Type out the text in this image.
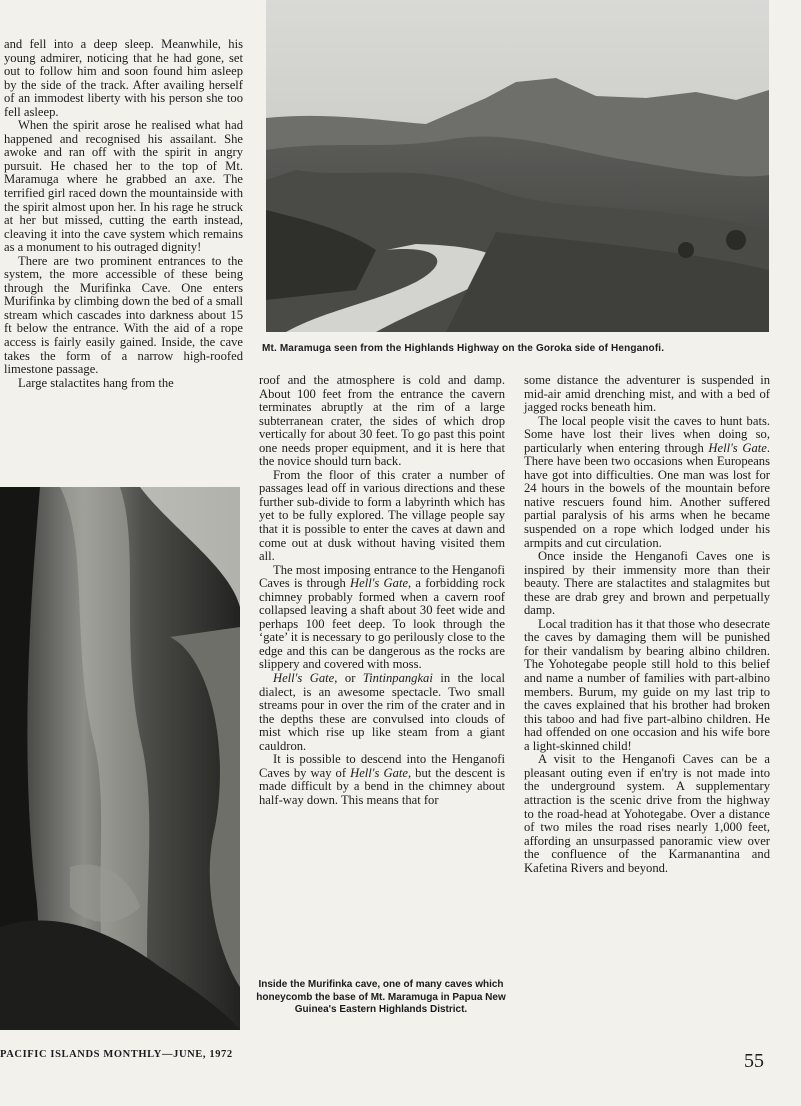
and fell into a deep sleep. Meanwhile, his young admirer, noticing that he had gone, set out to follow him and soon found him asleep by the side of the track. After availing herself of an immodest liberty with his person she too fell asleep.

When the spirit arose he realised what had happened and recognised his assailant. She awoke and ran off with the spirit in angry pursuit. He chased her to the top of Mt. Maramuga where he grabbed an axe. The terrified girl raced down the mountainside with the spirit almost upon her. In his rage he struck at her but missed, cutting the earth instead, cleaving it into the cave system which remains as a monument to his outraged dignity!

There are two prominent entrances to the system, the more accessible of these being through the Murifinka Cave. One enters Murifinka by climbing down the bed of a small stream which cascades into darkness about 15 ft below the entrance. With the aid of a rope access is fairly easily gained. Inside, the cave takes the form of a narrow high-roofed limestone passage.

Large stalactites hang from the

Mt. Maramuga seen from the Highlands Highway on the Goroka side of Henganofi.

roof and the atmosphere is cold and damp. About 100 feet from the entrance the cavern terminates abruptly at the rim of a large subterranean crater, the sides of which drop vertically for about 30 feet. To go past this point one needs proper equipment, and it is here that the novice should turn back.

From the floor of this crater a number of passages lead off in various directions and these further sub-divide to form a labyrinth which has yet to be fully explored. The village people say that it is possible to enter the caves at dawn and come out at dusk without having visited them all.

The most imposing entrance to the Henganofi Caves is through Hell's Gate, a forbidding rock chimney probably formed when a cavern roof collapsed leaving a shaft about 30 feet wide and perhaps 100 feet deep. To look through the ‘gate’ it is necessary to go perilously close to the edge and this can be dangerous as the rocks are slippery and covered with moss.

Hell's Gate, or Tintinpangkai in the local dialect, is an awesome spectacle. Two small streams pour in over the rim of the crater and in the depths these are convulsed into clouds of mist which rise up like steam from a giant cauldron.

It is possible to descend into the Henganofi Caves by way of Hell's Gate, but the descent is made difficult by a bend in the chimney about half-way down. This means that for

Inside the Murifinka cave, one of many caves which honeycomb the base of Mt. Maramuga in Papua New Guinea's Eastern Highlands District.

some distance the adventurer is suspended in mid-air amid drenching mist, and with a bed of jagged rocks beneath him.

The local people visit the caves to hunt bats. Some have lost their lives when doing so, particularly when entering through Hell's Gate. There have been two occasions when Europeans have got into difficulties. One man was lost for 24 hours in the bowels of the mountain before native rescuers found him. Another suffered partial paralysis of his arms when he became suspended on a rope which lodged under his armpits and cut circulation.

Once inside the Henganofi Caves one is inspired by their immensity more than their beauty. There are stalactites and stalagmites but these are drab grey and brown and perpetually damp.

Local tradition has it that those who desecrate the caves by damaging them will be punished for their vandalism by bearing albino children. The Yohotegabe people still hold to this belief and name a number of families with part-albino members. Burum, my guide on my last trip to the caves explained that his brother had broken this taboo and had five part-albino children. He had offended on one occasion and his wife bore a light-skinned child!

A visit to the Henganofi Caves can be a pleasant outing even if en'try is not made into the underground system. A supplementary attraction is the scenic drive from the highway to the road-head at Yohotegabe. Over a distance of two miles the road rises nearly 1,000 feet, affording an unsurpassed panoramic view over the confluence of the Karmanantina and Kafetina Rivers and beyond.

PACIFIC ISLANDS MONTHLY—JUNE, 1972	55
